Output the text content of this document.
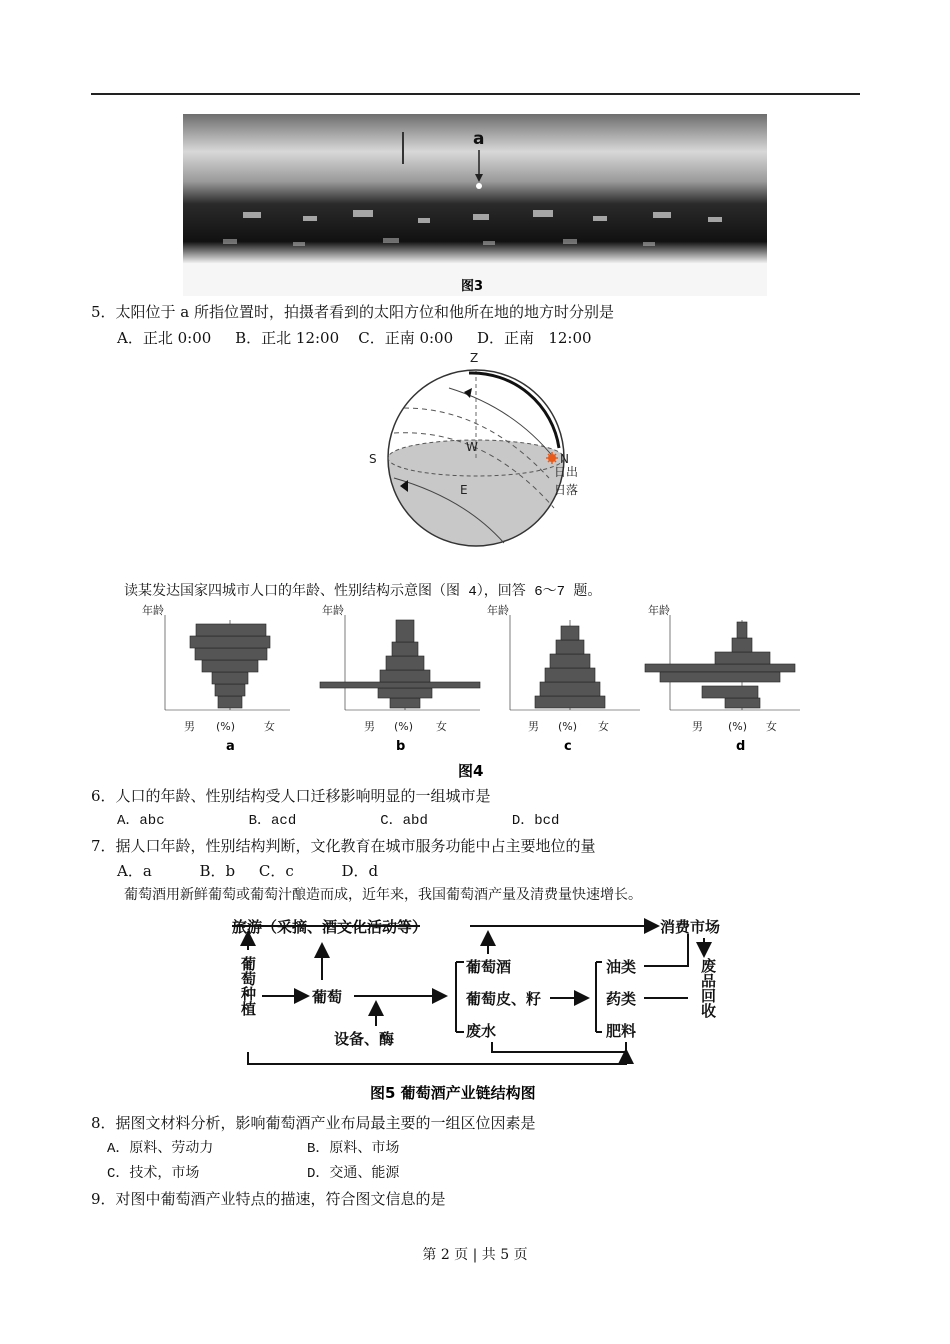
a
图3
5．太阳位于 a 所指位置时，拍摄者看到的太阳方位和他所在地的地方时分别是
A．正北 0:00     B．正北 12:00    C．正南 0:00     D．正南   12:00
Z
S	N
W
E
日出
日落
读某发达国家四城市人口的年龄、性别结构示意图（图 4），回答 6～7 题。
年龄	年龄	年龄	年龄
男 (%)	女	男 (%) 女	男 (%) 女	男 (%) 女
a	b	c	d
图4
6．人口的年龄、性别结构受人口迁移影响明显的一组城市是
A．abc          B．acd          C．abd          D．bcd
7．据人口年龄，性别结构判断，文化教育在城市服务功能中占主要地位的量
A．a          B．b     C．c          D．d
葡萄酒用新鲜葡萄或葡萄汁酿造而成，近年来，我国葡萄酒产量及清费量快速增长。
旅游（采摘、酒文化活动等）	消费市场
葡萄
设备、酶
葡萄酒
葡萄皮、籽
废水
油类
药类
肥料
葡萄种植	废品回收
图5 葡萄酒产业链结构图
8．据图文材料分析，影响葡萄酒产业布局最主要的一组区位因素是
A．原料、劳动力	B．原料、市场
C．技术，市场	D．交通、能源
9．对图中葡萄酒产业特点的描速，符合图文信息的是
第 2 页 | 共 5 页
